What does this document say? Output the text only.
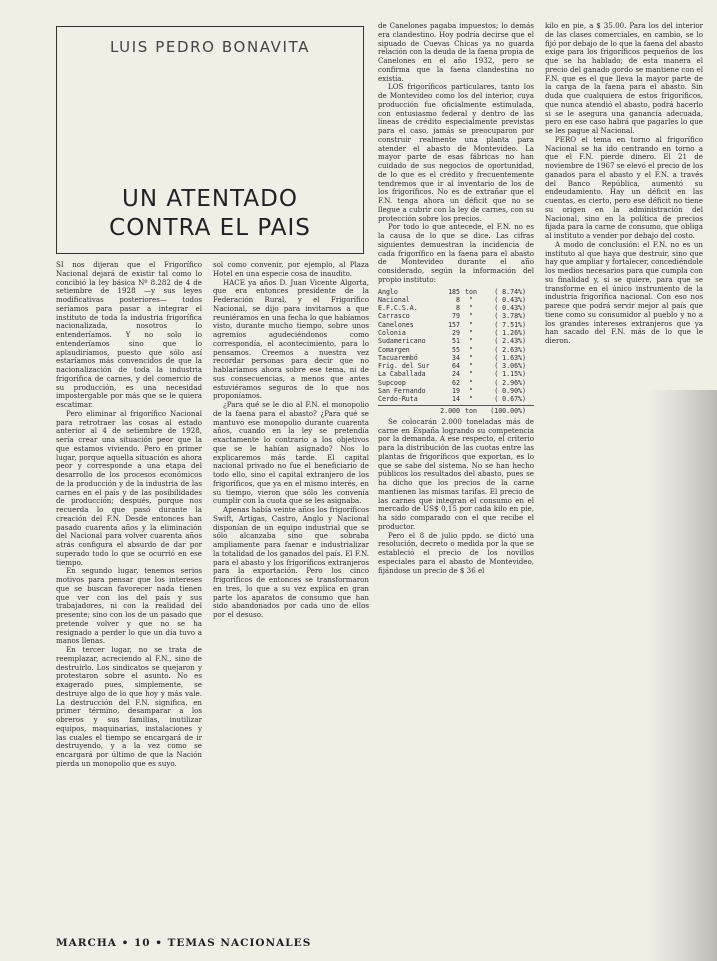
LUIS PEDRO BONAVITA
UN ATENTADO
CONTRA EL PAIS

SI nos dijeran que el Frigorífico Nacional dejará de existir tal como lo concibió la ley básica Nº 8.282 de 4 de setiembre de 1928 —y sus leyes modificativas posteriores— todos seríamos para pasar a integrar el instituto de toda la industria frigorífica nacionalizada, nosotros lo entenderíamos. Y no solo lo entenderíamos sino que lo aplaudiríamos, puesto que sólo así estaríamos más convencidos de que la nacionalización de toda la industria frigorífica de carnes, y del comercio de su producción, es una necesidad impostergable por más que se le quiera escatimar.

Pero eliminar al frigorífico Nacional para retrotraer las cosas al estado anterior al 4 de setiembre de 1928, sería crear una situación peor que la que estamos viviendo. Pero en primer lugar, porque aquella situación es ahora peor y corresponde a una etapa del desarrollo de los procesos económicos de la producción y de la industria de las carnes en el país y de las posibilidades de producción; después, porque nos recuerda lo que pasó durante la creación del F.N. Desde entonces han pasado cuarenta años y la eliminación del Nacional para volver cuarenta años atrás configura el absurdo de dar por superado todo lo que se ocurrió en ese tiempo.

En segundo lugar, tenemos serios motivos para pensar que los intereses que se buscan favorecer nada tienen que ver con los del país y sus trabajadores, ni con la realidad del presente; sino con los de un pasado que pretende volver y que no se ha resignado a perder lo que un día tuvo a manos llenas.

En tercer lugar, no se trata de reemplazar, acreciendo al F.N., sino de destruirlo. Los sindicatos se quejaron y protestaron sobre el asunto. No es exagerado pues, simplemente, se destruye algo de lo que hoy y más vale. La destrucción del F.N. significa, en primer término, desamparar a los obreros y sus familias, inutilizar equipos, maquinarias, instalaciones y las cuales el tiempo se encargará de ir destruyendo, y a la vez como se encargará por último de que la Nación pierda un monopolio que es suyo.

sol como convenir, por ejemplo, al Plaza Hotel en una especie cosa de inaudito.

HACE ya años D. Juan Vicente Algorta, que era entonces presidente de la Federación Rural, y el Frigorífico Nacional, se dijo para invitarnos a que reuniéramos en una fecha lo que habíamos visto, durante mucho tiempo, sobre unos agremios agudeciéndonos como correspondía, el acontecimiento, para lo pensamos. Creemos a nuestra vez recordar personas para decir que no hablaríamos ahora sobre ese tema, ni de sus consecuencias, a menos que antes estuviéramos seguros de lo que nos proponíamos.

¿Para qué se le dio al F.N. el monopolio de la faena para el abasto? ¿Para qué se mantuvo ese monopolio durante cuarenta años, cuando en la ley se pretendía exactamente lo contrario a los objetivos que se le habían asignado? Nos lo explicaremos más tarde. El capital nacional privado no fue el beneficiario de todo ello, sino el capital extranjero de los frigoríficos, que ya en el mismo interés, en su tiempo, vieron que sólo les convenía cumplir con la cuota que se les asignaba.

Apenas había veinte años los frigoríficos Swift, Artigas, Castro, Anglo y Nacional disponían de un equipo industrial que se sólo alcanzaba sino que sobraba ampliamente para faenar e industrializar la totalidad de los ganados del país. El F.N. para el abasto y los frigoríficos extranjeros para la exportación. Pero los cinco frigoríficos de entonces se transformaron en tres, lo que a su vez explica en gran parte los aparatos de consumo que han sido abandonados por cada uno de ellos por el desuso.

de Canelones pagaba impuestos; lo demás era clandestino. Hoy podría decirse que el sipuado de Cuevas Chicas ya no guarda relación con la deuda de la faena propia de Canelones en el año 1932, pero se confirma que la faena clandestina no existía.

LOS frigoríficos particulares, tanto los de Montevideo como los del interior, cuya producción fue oficialmente estimulada, con entusiasmo federal y dentro de las líneas de crédito especialmente previstas para el caso, jamás se preocuparon por construir realmente una planta para atender el abasto de Montevideo. La mayor parte de esas fábricas no han cuidado de sus negocios de oportunidad, de lo que es el crédito y frecuentemente tendremos que ir al inventario de los de los frigoríficos. No es de extrañar que el F.N. tenga ahora un déficit que no se llegue a cubrir con la ley de carnes, con su protección sobre los precios.

Por todo lo que antecede, el F.N. no es la causa de lo que se dice. Las cifras siguientes demuestran la incidencia de cada frigorífico en la faena para el abasto de Montevideo durante el año considerado, según la información del propio instituto:

Anglo	185 ton	( 8.74%)
Nacional	8	"	( 0.43%)
E.F.C.S.A.	8	"	( 0.43%)
Carrasco	79	"	( 3.78%)
Canelones	157	"	( 7.51%)
Colonia	29	"	( 1.26%)
Sudamericano	51	"	( 2.43%)
Comargen	55	"	( 2.63%)
Tacuarembó	34	"	( 1.63%)
Frig. del Sur	64	"	( 3.06%)
La Caballada	24	"	( 1.15%)
Supcoop	62	"	( 2.96%)
San Fernando	19	"	( 0.90%)
Cerdo-Ruta	14	"	( 0.67%)
2.000 ton	(100.00%)

Se colocarán 2.000 toneladas más de carne en España logrando su competencia por la demanda. A ese respecto, el criterio para la distribución de las cuotas entre las plantas de frigoríficos que exportan, es lo que se sabe del sistema. No se han hecho públicos los resultados del abasto, pues se ha dicho que los precios de la carne mantienen las mismas tarifas. El precio de las carnes que integran el consumo en el mercado de US$ 0,15 por cada kilo en pie, ha sido comparado con el que recibe el productor.

Pero el 8 de julio ppdo. se dictó una resolución, decreto o medida por la que se estableció el precio de los novillos especiales para el abasto de Montevideo, fijándose un precio de $ 36 el

kilo en pie, a $ 35.00. Para los del interior de las clases comerciales, en cambio, se lo fijó por debajo de lo que la faena del abasto exige para los frigoríficos pequeños de los que se ha hablado; de esta manera el precio del ganado gordo se mantiene con el F.N. que es el que lleva la mayor parte de la carga de la faena para el abasto. Sin duda que cualquiera de estos frigoríficos, que nunca atendió el abasto, podrá hacerlo si se le asegura una ganancia adecuada, pero en ese caso habrá que pagarles lo que se les pague al Nacional.

PERO el tema en torno al frigorífico Nacional se ha ido centrando en torno a que el F.N. pierde dinero. El 21 de noviembre de 1967 se elevó el precio de los ganados para el abasto y el F.N. a través del Banco República, aumentó su endeudamiento. Hay un déficit en las cuentas, es cierto, pero ese déficit no tiene su origen en la administración del Nacional, sino en la política de precios fijada para la carne de consumo, que obliga al instituto a vender por debajo del costo.

A modo de conclusión: el F.N. no es un instituto al que haya que destruir, sino que hay que ampliar y fortalecer, concediéndole los medios necesarios para que cumpla con su finalidad y, si se quiere, para que se transforme en el único instrumento de la industria frigorífica nacional. Con eso nos parece que podrá servir mejor al país que tiene como su consumidor al pueblo y no a los grandes intereses extranjeros que ya han sacado del F.N. más de lo que le dieron.

MARCHA • 10 • TEMAS NACIONALES
